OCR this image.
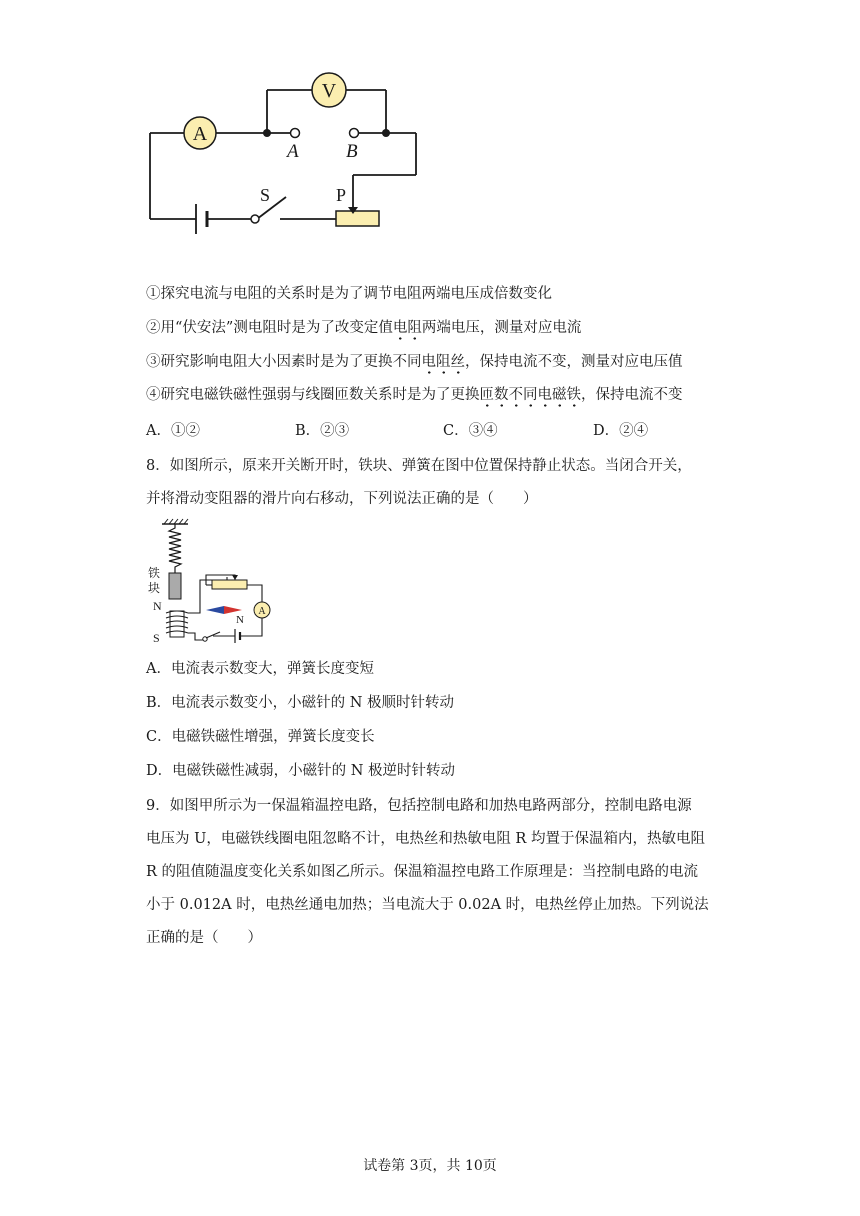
A
V
A B
S	P
①探究电流与电阻的关系时是为了调节电阻两端电压成倍数变化
②用“伏安法”测电阻时是为了改变定值电阻两端电压，测量对应电流
③研究影响电阻大小因素时是为了更换不同电阻丝，保持电流不变，测量对应电压值
④研究电磁铁磁性强弱与线圈匝数关系时是为了更换匝数不同电磁铁，保持电流不变
A．①②	B．②③	C．③④	D．②④
8．如图所示，原来开关断开时，铁块、弹簧在图中位置保持静止状态。当闭合开关，
并将滑动变阻器的滑片向右移动，下列说法正确的是（　　）
铁
块
N
S
A
N
A．电流表示数变大，弹簧长度变短
B．电流表示数变小，小磁针的 N 极顺时针转动
C．电磁铁磁性增强，弹簧长度变长
D．电磁铁磁性减弱，小磁针的 N 极逆时针转动
9．如图甲所示为一保温箱温控电路，包括控制电路和加热电路两部分，控制电路电源
电压为 U，电磁铁线圈电阻忽略不计，电热丝和热敏电阻 R 均置于保温箱内，热敏电阻
R 的阻值随温度变化关系如图乙所示。保温箱温控电路工作原理是：当控制电路的电流
小于 0.012A 时，电热丝通电加热；当电流大于 0.02A 时，电热丝停止加热。下列说法
正确的是（　　）
试卷第 3页，共 10页
